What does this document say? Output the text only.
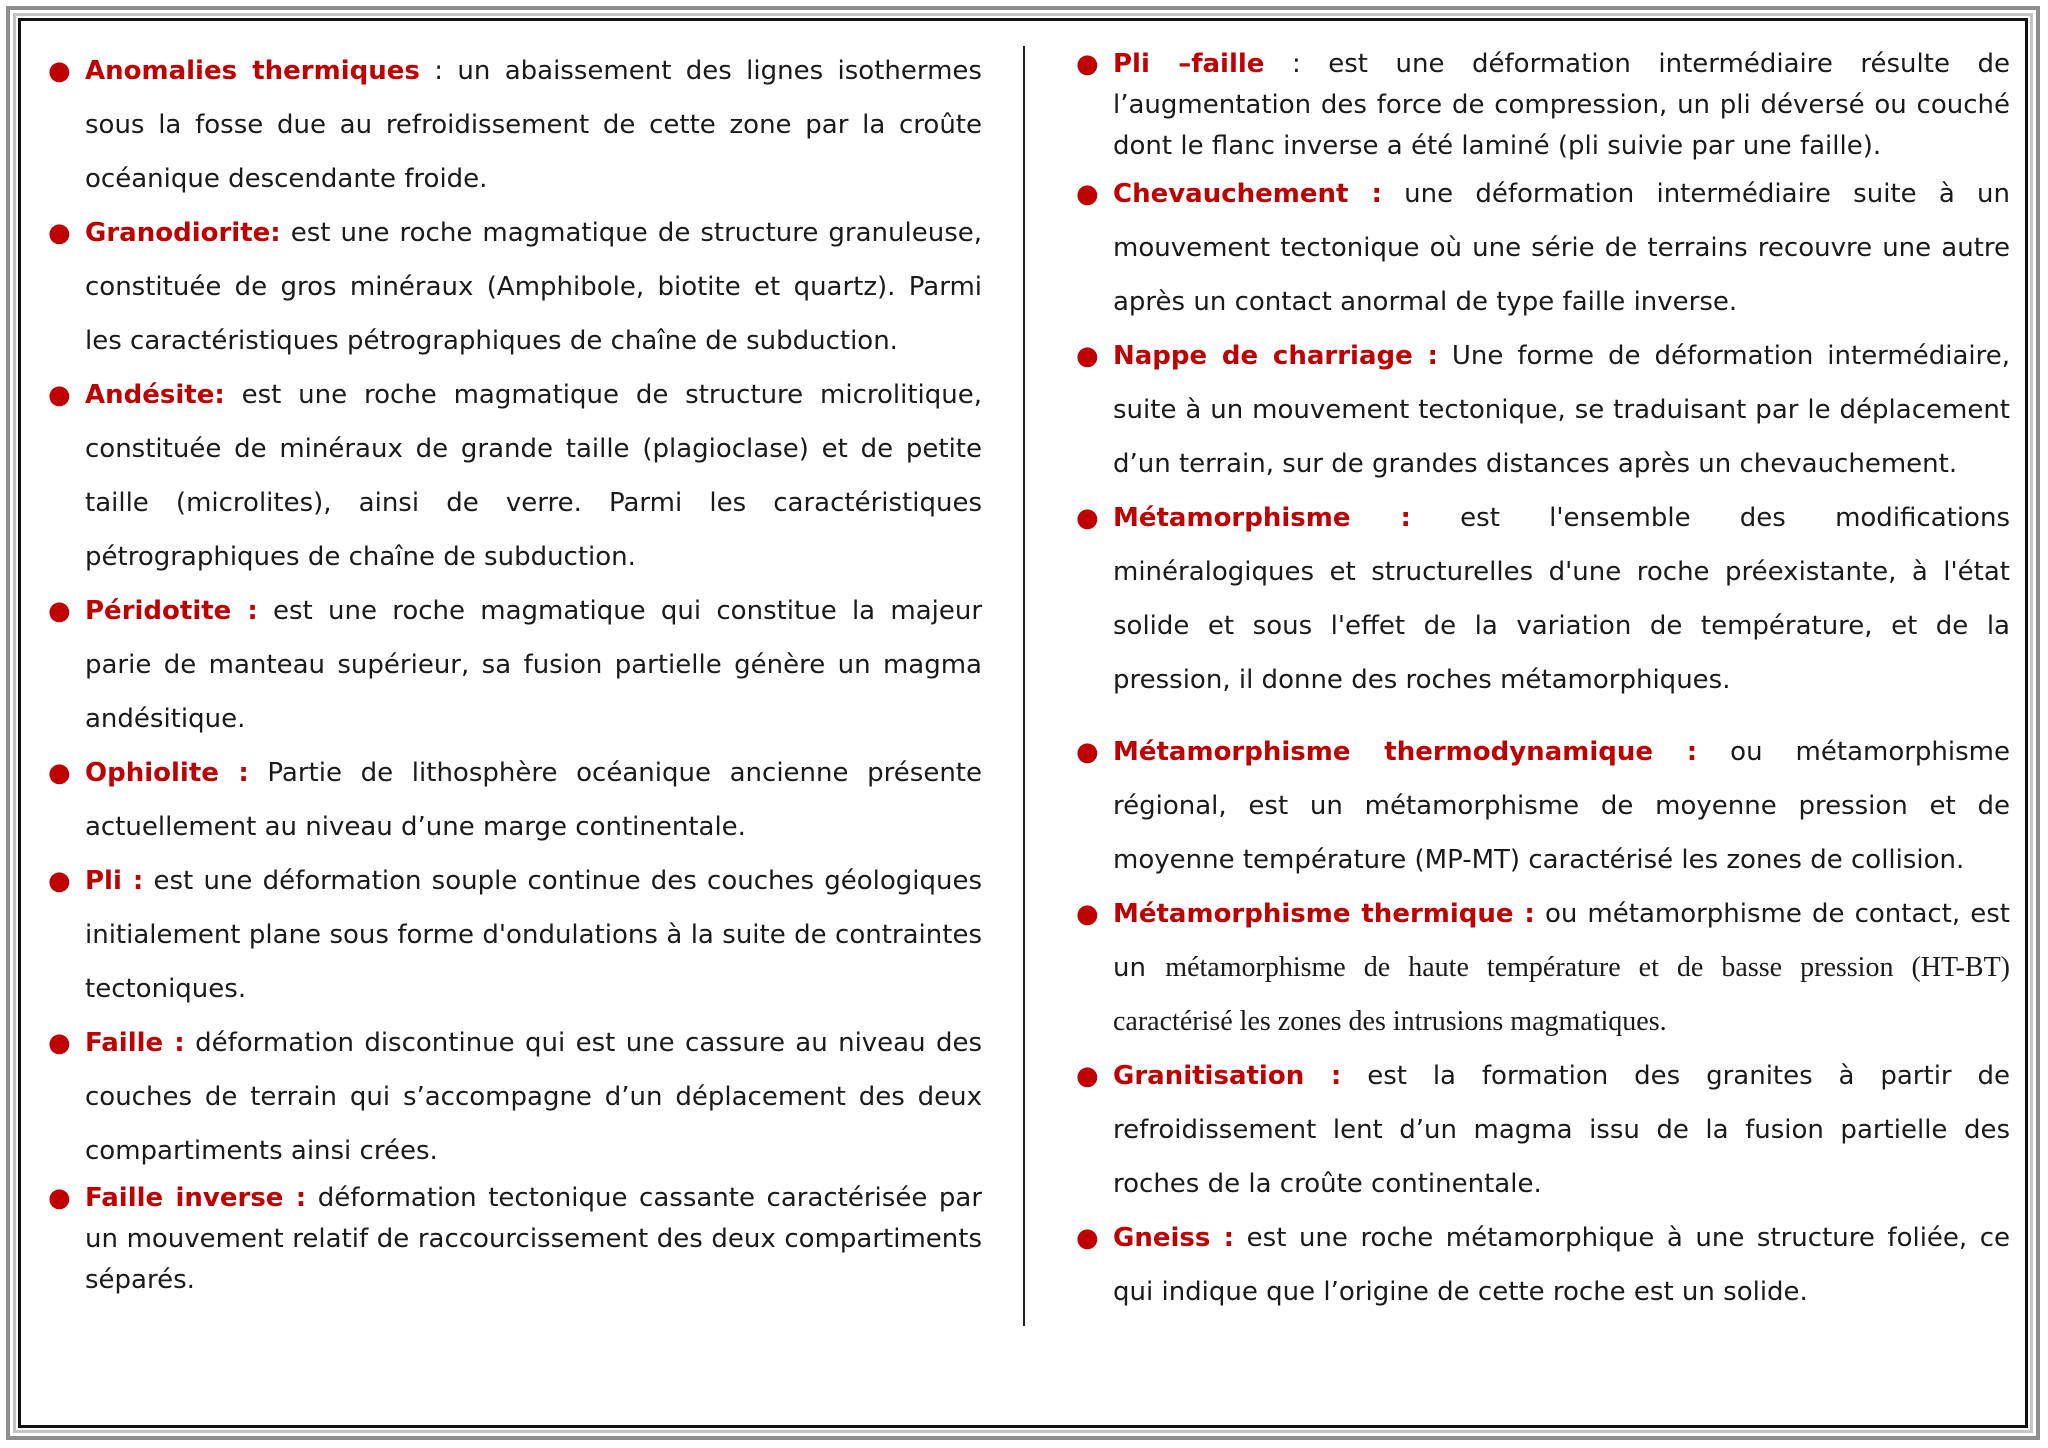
● Anomalies thermiques : un abaissement des lignes isothermes sous la fosse due au refroidissement de cette zone par la croûte océanique descendante froide.
● Granodiorite: est une roche magmatique de structure granuleuse, constituée de gros minéraux (Amphibole, biotite et quartz). Parmi les caractéristiques pétrographiques de chaîne de subduction.
● Andésite: est une roche magmatique de structure microlitique, constituée de minéraux de grande taille (plagioclase) et de petite taille (microlites), ainsi de verre. Parmi les caractéristiques pétrographiques de chaîne de subduction.
● Péridotite : est une roche magmatique qui constitue la majeur parie de manteau supérieur, sa fusion partielle génère un magma andésitique.
● Ophiolite : Partie de lithosphère océanique ancienne présente actuellement au niveau d’une marge continentale.
● Pli : est une déformation souple continue des couches géologiques initialement plane sous forme d'ondulations à la suite de contraintes tectoniques.
● Faille : déformation discontinue qui est une cassure au niveau des couches de terrain qui s’accompagne d’un déplacement des deux compartiments ainsi crées.
● Faille inverse : déformation tectonique cassante caractérisée par un mouvement relatif de raccourcissement des deux compartiments séparés.
● Pli –faille : est une déformation intermédiaire résulte de l’augmentation des force de compression, un pli déversé ou couché dont le flanc inverse a été laminé (pli suivie par une faille).
● Chevauchement : une déformation intermédiaire suite à un mouvement tectonique où une série de terrains recouvre une autre après un contact anormal de type faille inverse.
● Nappe de charriage : Une forme de déformation intermédiaire, suite à un mouvement tectonique, se traduisant par le déplacement d’un terrain, sur de grandes distances après un chevauchement.
● Métamorphisme : est l'ensemble des modifications minéralogiques et structurelles d'une roche préexistante, à l'état solide et sous l'effet de la variation de température, et de la pression, il donne des roches métamorphiques.
● Métamorphisme thermodynamique : ou métamorphisme régional, est un métamorphisme de moyenne pression et de moyenne température (MP-MT) caractérisé les zones de collision.
● Métamorphisme thermique : ou métamorphisme de contact, est un métamorphisme de haute température et de basse pression (HT-BT) caractérisé les zones des intrusions magmatiques.
● Granitisation : est la formation des granites à partir de refroidissement lent d’un magma issu de la fusion partielle des roches de la croûte continentale.
● Gneiss : est une roche métamorphique à une structure foliée, ce qui indique que l’origine de cette roche est un solide.
